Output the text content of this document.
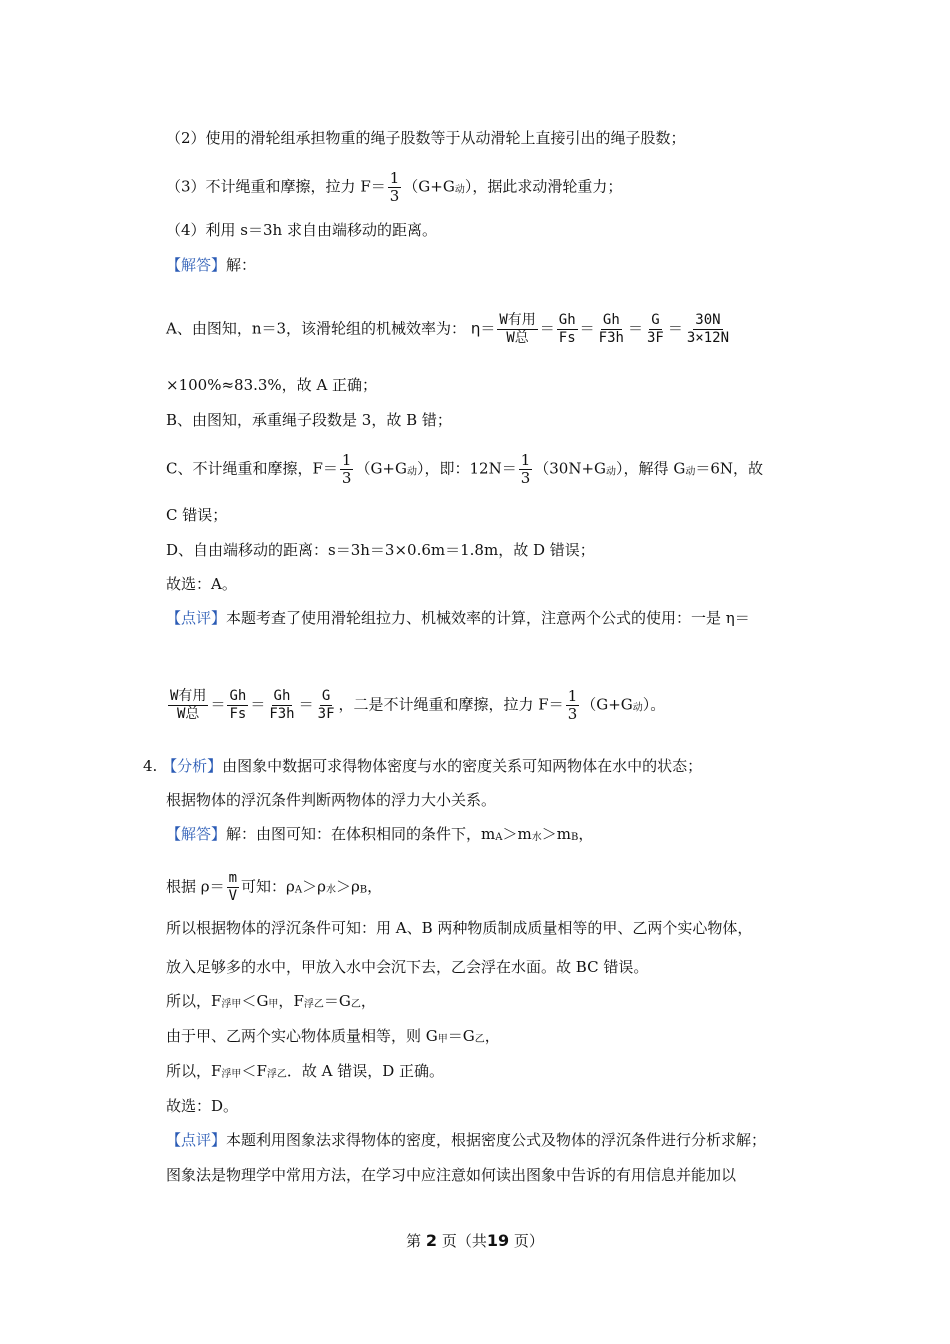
（2）使用的滑轮组承担物重的绳子股数等于从动滑轮上直接引出的绳子股数；
（3）不计绳重和摩擦，拉力 $F= \frac{1}{3} (G+G$动），据此求动滑轮重力；
（4）利用 s＝3h 求自由端移动的距离。
【解答】解：
A、由图知，n＝3，该滑轮组的机械效率为： $\eta= \frac{\text{W有用}}{\text{W总}} = \frac{Gh}{Fs} = \frac{Gh}{F3h} = \frac{G}{3F} = \frac{30N}{3\times 12N}$
×100%≈83.3%，故 A 正确；
B、由图知，承重绳子段数是 3，故 B 错；
C、不计绳重和摩擦，$F= \frac{1}{3} (G+G$动），即：$12N= \frac{1}{3} (30N+G$动），解得 G动＝6N，故
C 错误；
D、自由端移动的距离：s＝3h＝3×0.6m＝1.8m，故 D 错误；
故选：A。
【点评】本题考查了使用滑轮组拉力、机械效率的计算，注意两个公式的使用：一是 η＝
$\frac{\text{W有用}}{\text{W总}} = \frac{Gh}{Fs} = \frac{Gh}{F3h} = \frac{G}{3F}$ ，二是不计绳重和摩擦，拉力 $F= \frac{1}{3} (G+G$动）。
4. 【分析】由图象中数据可求得物体密度与水的密度关系可知两物体在水中的状态；
根据物体的浮沉条件判断两物体的浮力大小关系。
【解答】解：由图可知：在体积相同的条件下，mA＞m水＞mB，
根据 $\rho= \frac{m}{V}$ 可知：ρA＞ρ水＞ρB，
所以根据物体的浮沉条件可知：用 A、B 两种物质制成质量相等的甲、乙两个实心物体，
放入足够多的水中，甲放入水中会沉下去，乙会浮在水面。故 BC 错误。
所以，F浮甲＜G甲，F浮乙＝G乙，
由于甲、乙两个实心物体质量相等，则 G甲＝G乙，
所以，F浮甲＜F浮乙．故 A 错误，D 正确。
故选：D。
【点评】本题利用图象法求得物体的密度，根据密度公式及物体的浮沉条件进行分析求解；
图象法是物理学中常用方法，在学习中应注意如何读出图象中告诉的有用信息并能加以
第 2 页（共19 页）
